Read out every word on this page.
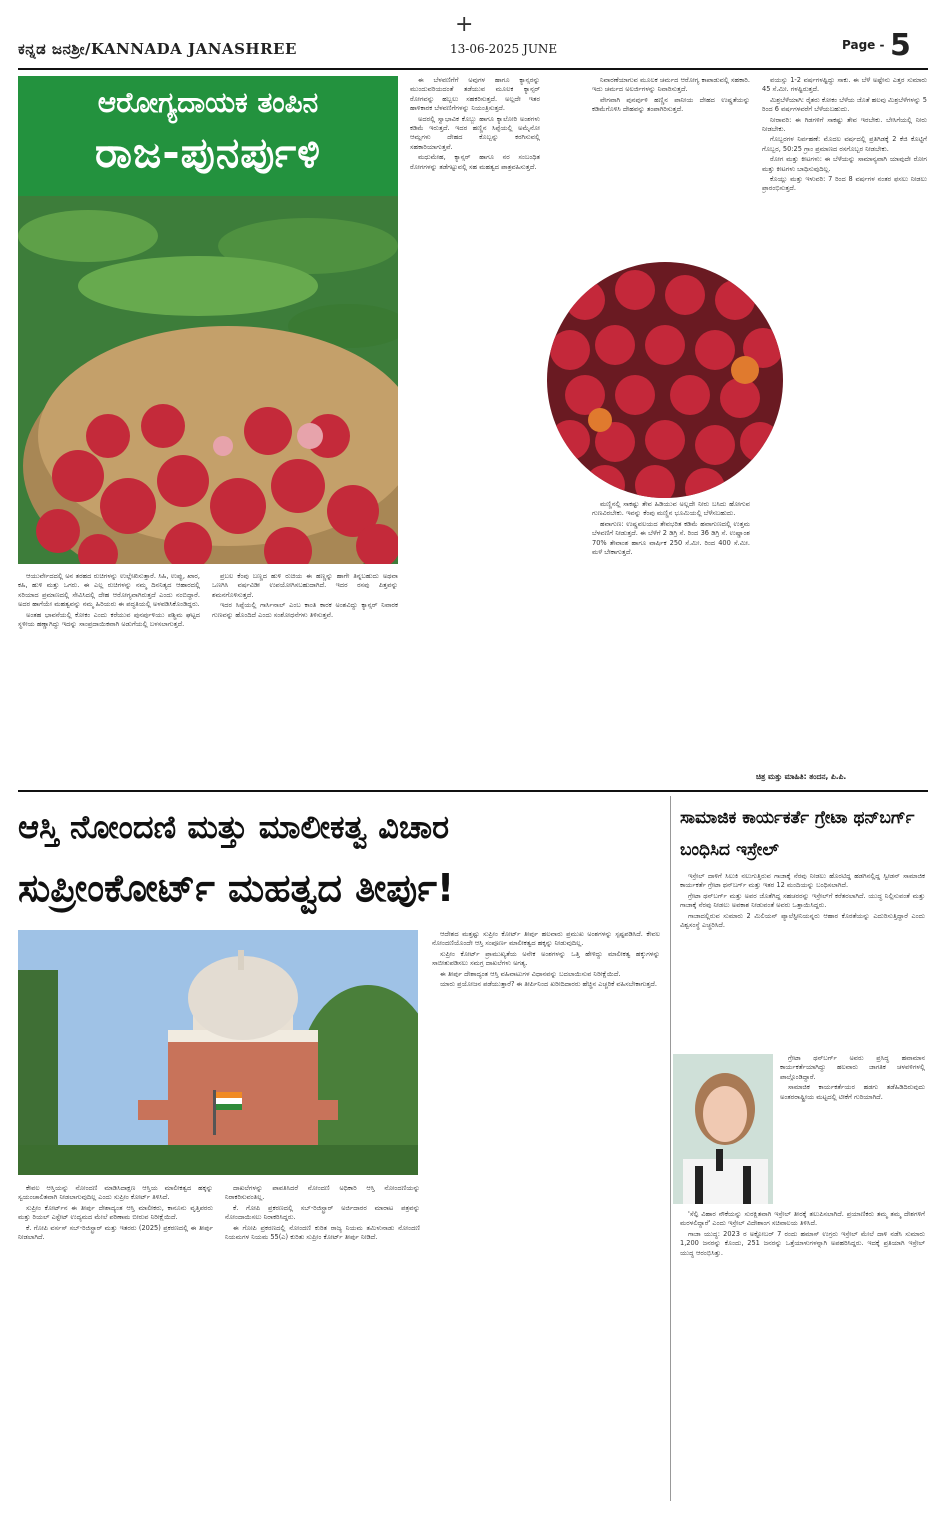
+
ಕನ್ನಡ ಜನಶ್ರೀ/KANNADA JANASHREE	13-06-2025 JUNE	Page - 5
ಆರೋಗ್ಯದಾಯಕ ತಂಪಿನ
ರಾಜ-ಪುನರ್ಪುಳಿ

ಈ ಬೆಳವಣಿಗೆಗೆ ಅವುಗಳ ಹಾಗೂ ಕ್ಯಾನ್ಸರನ್ನು ಮುಂದುವರಿಯದಂತೆ ತಡೆಯುವ ಮೂಲಕ ಕ್ಯಾನ್ಸರ್ ರೋಗವನ್ನು ಹಬ್ಬಲು ಸಹಕರಿಸುತ್ತದೆ. ಅಲ್ಲದೇ ಇತರ ಹಾಳಿಕಾರಕ ಬೆಳವಣಿಗೆಗಳನ್ನು ನಿಯಂತ್ರಿಸುತ್ತದೆ.

ಅದರಲ್ಲಿ ಸ್ವಾಭಾವಿಕ ಕೊಬ್ಬು ಹಾಗೂ ಕ್ಯಾಲೋರಿ ಅಂಶಗಳು ಕಡಿಮೆ ಇರುತ್ತದೆ. ಇದರ ಹಣ್ಣಿನ ಸಿಪ್ಪೆಯಲ್ಲಿ ಅಮೈನೋ ಆಮ್ಲಗಳು ದೇಹದ ಕೊಬ್ಬನ್ನು ಕರಗಿಸುವಲ್ಲಿ ಸಹಕಾರಿಯಾಗುತ್ತವೆ.

ಮಧುಮೇಹ, ಕ್ಯಾನ್ಸರ್ ಹಾಗೂ ನರ ಸಂಬಂಧಿತ ರೋಗಗಳನ್ನು ತಡೆಗಟ್ಟುವಲ್ಲಿ ಸಹ ಮಹತ್ವದ ಪಾತ್ರವಹಿಸುತ್ತದೆ.

ನಿವಾರಣೆಯಾಗುವ ಮೂಲಕ ಚರ್ಮದ ಆರೋಗ್ಯ ಕಾಪಾಡುವಲ್ಲಿ ಸಹಕಾರಿ. ಇದು ಚರ್ಮದ ಅಲರ್ಜಿಗಳನ್ನು ನಿವಾರಿಸುತ್ತದೆ.

ವೇಗವಾಗಿ ಪುನರ್ಪುಳಿ ಹಣ್ಣಿನ ಪಾನೀಯ ದೇಹದ ಉಷ್ಣತೆಯನ್ನು ಕಡಿಮೆಗೊಳಿಸಿ ದೇಹವನ್ನು ತಂಪಾಗಿರಿಸುತ್ತದೆ.

ಮಣ್ಣಿನಲ್ಲಿ ಸಾಕಷ್ಟು ತೇವ ಹಿಡಿಯುವ ಅಲ್ಲದೇ ನೀರು ಬಸಿದು ಹೋಗುವ ಗುಣವಿರಬೇಕು. ಇವನ್ನು ಕೆಂಪು ಮಣ್ಣಿನ ಭೂಮಿಯಲ್ಲಿ ಬೆಳೆಸಬಹುದು.

ಹವಾಗುಣ: ಉಷ್ಣವಲಯದ ತೇವಭರಿತ ಕಡಿಮೆ ಹವಾಗುಣದಲ್ಲಿ ಉತ್ತಮ ಬೆಳವಣಿಗೆ ನೀಡುತ್ತದೆ. ಈ ಬೆಳೆಗೆ 2 ಡಿಗ್ರಿ ಸೆ. ರಿಂದ 36 ಡಿಗ್ರಿ ಸೆ. ಉಷ್ಣಾಂಶ 70% ತೇವಾಂಶ ಹಾಗೂ ವಾರ್ಷಿಕ 250 ಸೆ.ಮೀ. ರಿಂದ 400 ಸೆ.ಮೀ. ಮಳೆ ಬೇಕಾಗುತ್ತದೆ.

ವಯಸ್ಸು 1-2 ವರ್ಷಗಳಷ್ಟಿದ್ದು ಸಾಕು. ಈ ಬೆಳೆ ಅಷ್ಟೇನು ಎತ್ತರ ಸುಮಾರು 45 ಸೆ.ಮೀ. ಗಳಷ್ಟಿರುತ್ತದೆ.

ಮಿಶ್ರಬೆಳೆಯಾಗಿ: ರೈತರು ಕೋಕಂ ಬೆಳೆಯ ಜೊತೆ ಹಲವು ಮಿಶ್ರಬೆಳೆಗಳನ್ನು 5 ರಿಂದ 6 ವರ್ಷಗಳವರೆಗೆ ಬೆಳೆಯಬಹುದು.

ನೀರಾವರಿ: ಈ ಗಿಡಗಳಿಗೆ ಸಾಕಷ್ಟು ತೇವ ಇರಬೇಕು. ಬೇಸಿಗೆಯಲ್ಲಿ ನೀರು ನೀಡಬೇಕು.

ಗೊಬ್ಬರಗಳ ನಿರ್ವಹಣೆ: ಮೊದಲ ವರ್ಷದಲ್ಲಿ ಪ್ರತಿಗಿಡಕ್ಕೆ 2 ಕೆಜಿ ಕೊಟ್ಟಿಗೆ ಗೊಬ್ಬರ, 50:25 ಗ್ರಾಂ ಪ್ರಮಾಣದ ರಸಗೊಬ್ಬರ ನೀಡಬೇಕು.

ರೋಗ ಮತ್ತು ಕೀಟಗಳು: ಈ ಬೆಳೆಯನ್ನು ಸಾಮಾನ್ಯವಾಗಿ ಯಾವುದೇ ರೋಗ ಮತ್ತು ಕೀಟಗಳು ಬಾಧಿಸುವುದಿಲ್ಲ.

ಕೊಯ್ಲು ಮತ್ತು ಇಳುವರಿ: 7 ರಿಂದ 8 ವರ್ಷಗಳ ನಂತರ ಫಸಲು ನೀಡಲು ಪ್ರಾರಂಭಿಸುತ್ತದೆ.

ಆಯುರ್ವೇದದಲ್ಲಿ ಅನ ತರಹದ ರುಚಿಗಳನ್ನು ಉಲ್ಲೇಖಿಸುತ್ತಾರೆ. ಸಿಹಿ, ಉಪ್ಪು, ಖಾರ, ಕಹಿ, ಹುಳಿ ಮತ್ತು ಒಗರು. ಈ ಎಲ್ಲ ರುಚಿಗಳನ್ನು ನಮ್ಮ ದಿನನಿತ್ಯದ ಆಹಾರದಲ್ಲಿ ಸರಿಯಾದ ಪ್ರಮಾಣದಲ್ಲಿ ಸೇವಿಸಿದಲ್ಲಿ ದೇಹ ಆರೋಗ್ಯವಾಗಿರುತ್ತದೆ ಎಂದು ನಂಬಿದ್ದಾರೆ. ಅದರ ಹಾಗೆಯೇ ಮಹತ್ವವನ್ನು ನಮ್ಮ ಹಿರಿಯರು ಈ ಪದ್ಧತಿಯಲ್ಲಿ ಅಳವಡಿಸಿಕೊಂಡಿದ್ದರು.

ಅಂತಹ ಭಾವನೆಯಲ್ಲಿ ಕೋಕಂ ಎಂದು ಕರೆಯುವ ಪುನರ್ಪುಳಿಯು ಪಶ್ಚಿಮ ಘಟ್ಟದ ಸ್ಥಳೀಯ ಹಣ್ಣಾಗಿದ್ದು ಇದನ್ನು ಸಾಂಪ್ರದಾಯಿಕವಾಗಿ ಅಡುಗೆಯಲ್ಲಿ ಬಳಸಲಾಗುತ್ತದೆ.

ಪ್ರಬಲ ಕೆಂಪು ಬಣ್ಣದ ಹುಳಿ ರುಚಿಯ ಈ ಹಣ್ಣನ್ನು ಹಾಗೇ ತಿನ್ನಬಹುದು ಅಥವಾ ಒಣಗಿಸಿ ವರ್ಷವಿಡೀ ಉಪಯೋಗಿಸಬಹುದಾಗಿದೆ. ಇದರ ರಸವು ಪಿತ್ತವನ್ನು ಶಮನಗೊಳಿಸುತ್ತದೆ.

ಇದರ ಸಿಪ್ಪೆಯಲ್ಲಿ ಗಾರ್ಸಿನಾಲ್ ಎಂಬ ಕಾಂತಿ ಕಾರಕ ಅಂಶವಿದ್ದು ಕ್ಯಾನ್ಸರ್ ನಿವಾರಕ ಗುಣವನ್ನು ಹೊಂದಿದೆ ಎಂದು ಸಂಶೋಧನೆಗಳು ತಿಳಿಸುತ್ತವೆ.

ಚಿತ್ರ ಮತ್ತು ಮಾಹಿತಿ: ತಂದನ, ಪಿ.ಪಿ.
ಆಸ್ತಿ ನೋಂದಣಿ ಮತ್ತು ಮಾಲೀಕತ್ವ ವಿಚಾರ
ಸುಪ್ರೀಂಕೋರ್ಟ್ ಮಹತ್ವದ ತೀರ್ಪು!

ಕೇವಲ ಆಸ್ತಿಯನ್ನು ನೋಂದಣಿ ಮಾಡಿಸಿದಾಕ್ಷಣ ಆಸ್ತಿಯ ಮಾಲೀಕತ್ವದ ಹಕ್ಕನ್ನು ಸ್ವಯಂಚಾಲಿತವಾಗಿ ನೀಡಲಾಗುವುದಿಲ್ಲ ಎಂದು ಸುಪ್ರೀಂ ಕೋರ್ಟ್ ತಿಳಿಸಿದೆ.

ಸುಪ್ರೀಂ ಕೋರ್ಟ್‌ನ ಈ ತೀರ್ಪು ದೇಶಾದ್ಯಂತ ಆಸ್ತಿ ಮಾಲೀಕರು, ಕಾನೂನು ವೃತ್ತಿಪರರು ಮತ್ತು ರಿಯಲ್ ಎಸ್ಟೇಟ್ ಉದ್ಯಮದ ಮೇಲೆ ಪರಿಣಾಮ ಬೀರುವ ನಿರೀಕ್ಷೆಯಿದೆ.

ಕೆ. ಗೋಪಿ ವರ್ಸಸ್ ಸಬ್-ರಿಜಿಸ್ಟ್ರಾರ್ ಮತ್ತು ಇತರರು (2025) ಪ್ರಕರಣದಲ್ಲಿ ಈ ತೀರ್ಪು ನೀಡಲಾಗಿದೆ.

ದಾಖಲೆಗಳನ್ನು ಪಾವತಿಸಿದರೆ ನೋಂದಣಿ ಅಧಿಕಾರಿ ಆಸ್ತಿ ನೋಂದಣಿಯನ್ನು ನಿರಾಕರಿಸುವಂತಿಲ್ಲ.

ಕೆ. ಗೋಪಿ ಪ್ರಕರಣದಲ್ಲಿ ಸಬ್-ರಿಜಿಸ್ಟ್ರಾರ್ ಅರ್ಜಿದಾರರ ಮಾರಾಟ ಪತ್ರವನ್ನು ನೋಂದಾಯಿಸಲು ನಿರಾಕರಿಸಿದ್ದರು.

ಈ ಗೋಪಿ ಪ್ರಕರಣದಲ್ಲಿ ನೋಂದಣಿ ಕುರಿತ ರಾಜ್ಯ ನಿಯಮ ತಮಿಳುನಾಡು ನೋಂದಣಿ ನಿಯಮಗಳ ನಿಯಮ 55(ಎ) ಕುರಿತು ಸುಪ್ರೀಂ ಕೋರ್ಟ್ ತೀರ್ಪು ನೀಡಿದೆ.

ಆದೇಶದ ಮತ್ತಷ್ಟು ಸುಪ್ರೀಂ ಕೋರ್ಟ್ ತೀರ್ಪು ಹಲವಾರು ಪ್ರಮುಖ ಅಂಶಗಳನ್ನು ಸ್ಪಷ್ಟಪಡಿಸಿದೆ. ಕೇವಲ ನೋಂದಣಿಯೊಂದೇ ಆಸ್ತಿ ಸಂಪೂರ್ಣ ಮಾಲೀಕತ್ವದ ಹಕ್ಕನ್ನು ನೀಡುವುದಿಲ್ಲ.

ಸುಪ್ರೀಂ ಕೋರ್ಟ್ ಪ್ರಾಮುಖ್ಯತೆಯ ಅನೇಕ ಅಂಶಗಳನ್ನು ಒತ್ತಿ ಹೇಳಿದ್ದು ಮಾಲೀಕತ್ವ ಹಕ್ಕುಗಳನ್ನು ಸಾಬೀತುಪಡಿಸಲು ಸಮಗ್ರ ದಾಖಲೆಗಳು ಅಗತ್ಯ.

ಈ ತೀರ್ಪು ದೇಶಾದ್ಯಂತ ಆಸ್ತಿ ವಹಿವಾಟುಗಳ ವಿಧಾನವನ್ನು ಬದಲಾಯಿಸುವ ನಿರೀಕ್ಷೆಯಿದೆ.

ಯಾರು ಪ್ರಯೋಜನ ಪಡೆಯುತ್ತಾರೆ? ಈ ತೀರ್ಪಿನಿಂದ ಖರೀದಿದಾರರು ಹೆಚ್ಚಿನ ಎಚ್ಚರಿಕೆ ವಹಿಸಬೇಕಾಗುತ್ತದೆ.

ಸಾಮಾಜಿಕ ಕಾರ್ಯಕರ್ತೆ ಗ್ರೇಟಾ ಥನ್‌ಬರ್ಗ್ ಬಂಧಿಸಿದ ಇಸ್ರೇಲ್

ಇಸ್ರೇಲ್ ದಾಳಿಗೆ ಸಿಲುಕಿ ನಲುಗುತ್ತಿರುವ ಗಾಜಾಕ್ಕೆ ನೆರವು ನೀಡಲು ಹೊರಟಿದ್ದ ಹಡಗಿನಲ್ಲಿದ್ದ ಸ್ವೀಡನ್ ಸಾಮಾಜಿಕ ಕಾರ್ಯಕರ್ತೆ ಗ್ರೇಟಾ ಥನ್‌ಬರ್ಗ್ ಮತ್ತು ಇತರ 12 ಮಂದಿಯನ್ನು ಬಂಧಿಸಲಾಗಿದೆ.

ಗ್ರೇಟಾ ಥನ್‌ಬರ್ಗ್ ಮತ್ತು ಅವರ ಜೊತೆಗಿದ್ದ ಸಹಚರರನ್ನು ಇಸ್ರೇಲ್‌ಗೆ ಕರೆತರಲಾಗಿದೆ. ಯುದ್ಧ ನಿಲ್ಲಿಸುವಂತೆ ಮತ್ತು ಗಾಜಾಕ್ಕೆ ನೆರವು ನೀಡಲು ಅವಕಾಶ ನೀಡುವಂತೆ ಅವರು ಒತ್ತಾಯಿಸಿದ್ದರು.

ಗಾಜಾದಲ್ಲಿರುವ ಸುಮಾರು 2 ಮಿಲಿಯನ್ ಪ್ಯಾಲೆಸ್ಟೀನಿಯನ್ನರು ಆಹಾರ ಕೊರತೆಯನ್ನು ಎದುರಿಸುತ್ತಿದ್ದಾರೆ ಎಂದು ವಿಶ್ವಸಂಸ್ಥೆ ಎಚ್ಚರಿಸಿದೆ.

ಗ್ರೇಟಾ ಥನ್‌ಬರ್ಗ್ ಅವರು ಪ್ರಸಿದ್ಧ ಹವಾಮಾನ ಕಾರ್ಯಕರ್ತೆಯಾಗಿದ್ದು ಹಲವಾರು ಜಾಗತಿಕ ಚಳವಳಿಗಳಲ್ಲಿ ಪಾಲ್ಗೊಂಡಿದ್ದಾರೆ.

ಸಾಮಾಜಿಕ ಕಾರ್ಯಕರ್ತೆಯರ ಹಡಗು ತಡೆಹಿಡಿದಿರುವುದು ಅಂತರರಾಷ್ಟ್ರೀಯ ಮಟ್ಟದಲ್ಲಿ ಟೀಕೆಗೆ ಗುರಿಯಾಗಿದೆ.

'ಸೆಲ್ಫಿ ವಿಹಾರ ನೌಕೆಯನ್ನು ಸುರಕ್ಷಿತವಾಗಿ ಇಸ್ರೇಲ್ ತೀರಕ್ಕೆ ತಲುಪಿಸಲಾಗಿದೆ. ಪ್ರಯಾಣಿಕರು ತಮ್ಮ ತಮ್ಮ ದೇಶಗಳಿಗೆ ಮರಳಲಿದ್ದಾರೆ' ಎಂದು ಇಸ್ರೇಲ್ ವಿದೇಶಾಂಗ ಸಚಿವಾಲಯ ತಿಳಿಸಿದೆ.

ಗಾಜಾ ಯುದ್ಧ: 2023 ರ ಅಕ್ಟೋಬರ್ 7 ರಂದು ಹಮಾಸ್ ಉಗ್ರರು ಇಸ್ರೇಲ್ ಮೇಲೆ ದಾಳಿ ನಡೆಸಿ ಸುಮಾರು 1,200 ಜನರನ್ನು ಕೊಂದು, 251 ಜನರನ್ನು ಒತ್ತೆಯಾಳುಗಳನ್ನಾಗಿ ಅಪಹರಿಸಿದ್ದರು. ಇದಕ್ಕೆ ಪ್ರತಿಯಾಗಿ ಇಸ್ರೇಲ್ ಯುದ್ಧ ಆರಂಭಿಸಿತ್ತು.
